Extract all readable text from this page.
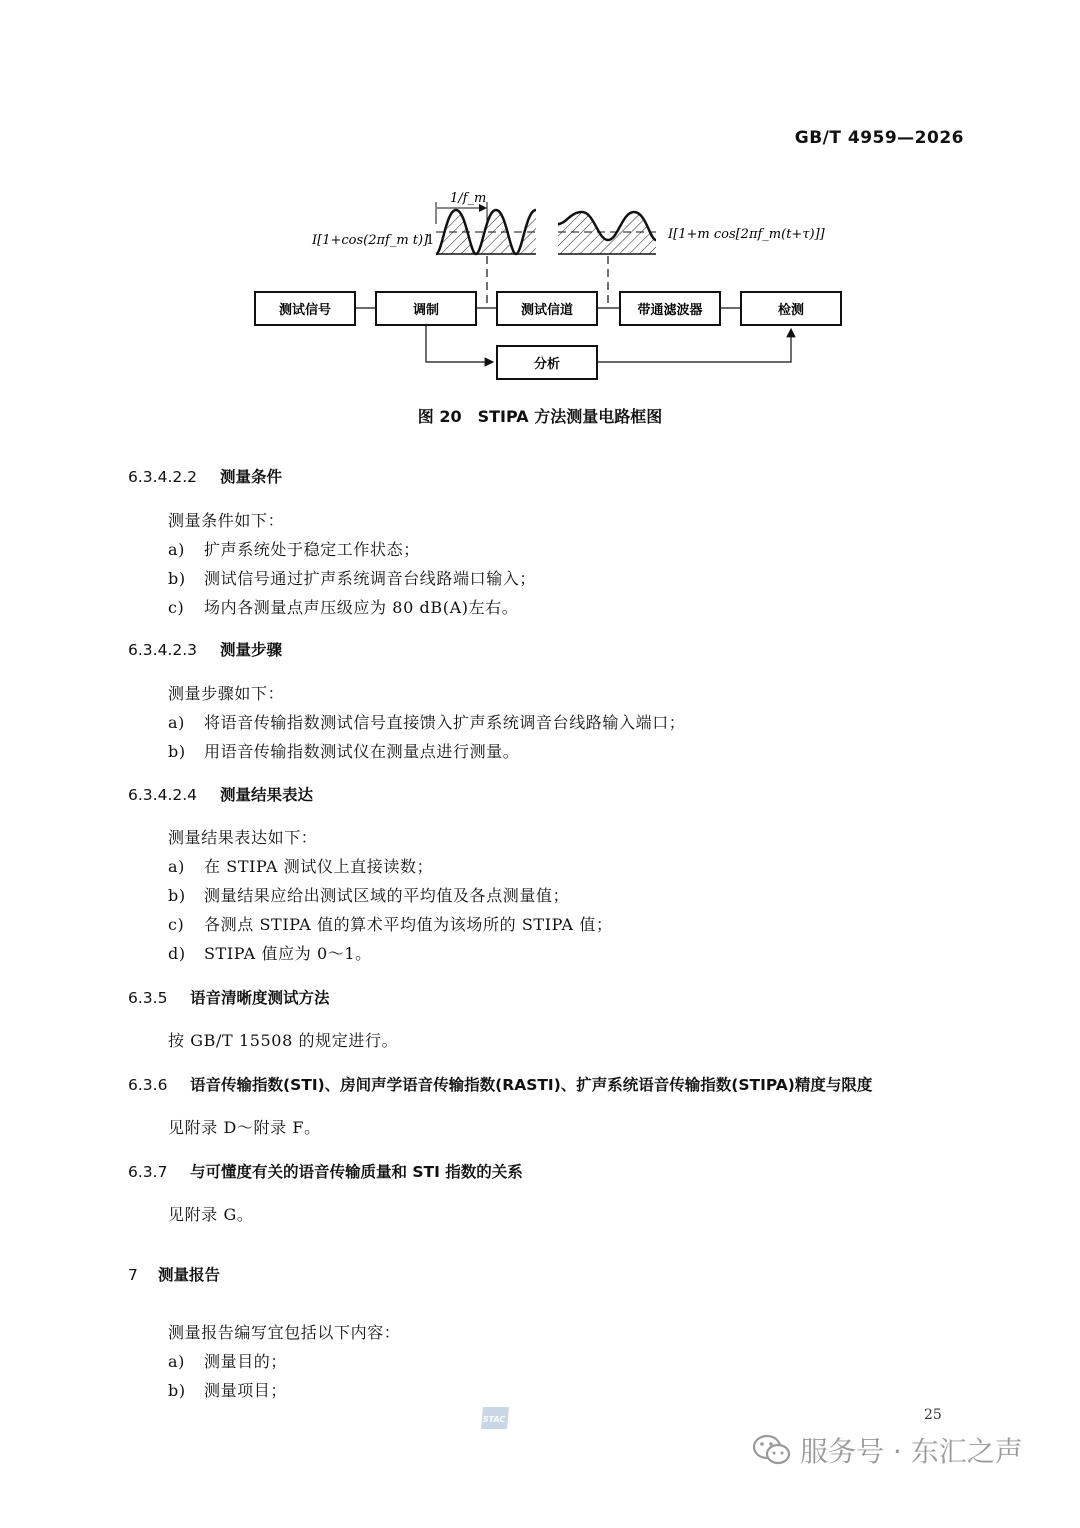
GB/T 4959—2026
1/f_m
I[1+cos(2πf_m t)]
1	I[1+m cos[2πf_m(t+τ)]]
测试信号	调制	测试信道	带通滤波器	检测
分析
图 20 STIPA 方法测量电路框图
6.3.4.2.2 测量条件
测量条件如下：
a) 扩声系统处于稳定工作状态；
b) 测试信号通过扩声系统调音台线路端口输入；
c) 场内各测量点声压级应为 80 dB(A)左右。
6.3.4.2.3 测量步骤
测量步骤如下：
a) 将语音传输指数测试信号直接馈入扩声系统调音台线路输入端口；
b) 用语音传输指数测试仪在测量点进行测量。
6.3.4.2.4 测量结果表达
测量结果表达如下：
a) 在 STIPA 测试仪上直接读数；
b) 测量结果应给出测试区域的平均值及各点测量值；
c) 各测点 STIPA 值的算术平均值为该场所的 STIPA 值；
d) STIPA 值应为 0～1。
6.3.5 语音清晰度测试方法
按 GB/T 15508 的规定进行。
6.3.6 语音传输指数(STI)、房间声学语音传输指数(RASTI)、扩声系统语音传输指数(STIPA)精度与限度
见附录 D～附录 F。
6.3.7 与可懂度有关的语音传输质量和 STI 指数的关系
见附录 G。
7 测量报告
测量报告编写宜包括以下内容：
a) 测量目的；
b) 测量项目；
STAC	25
服务号 · 东汇之声
